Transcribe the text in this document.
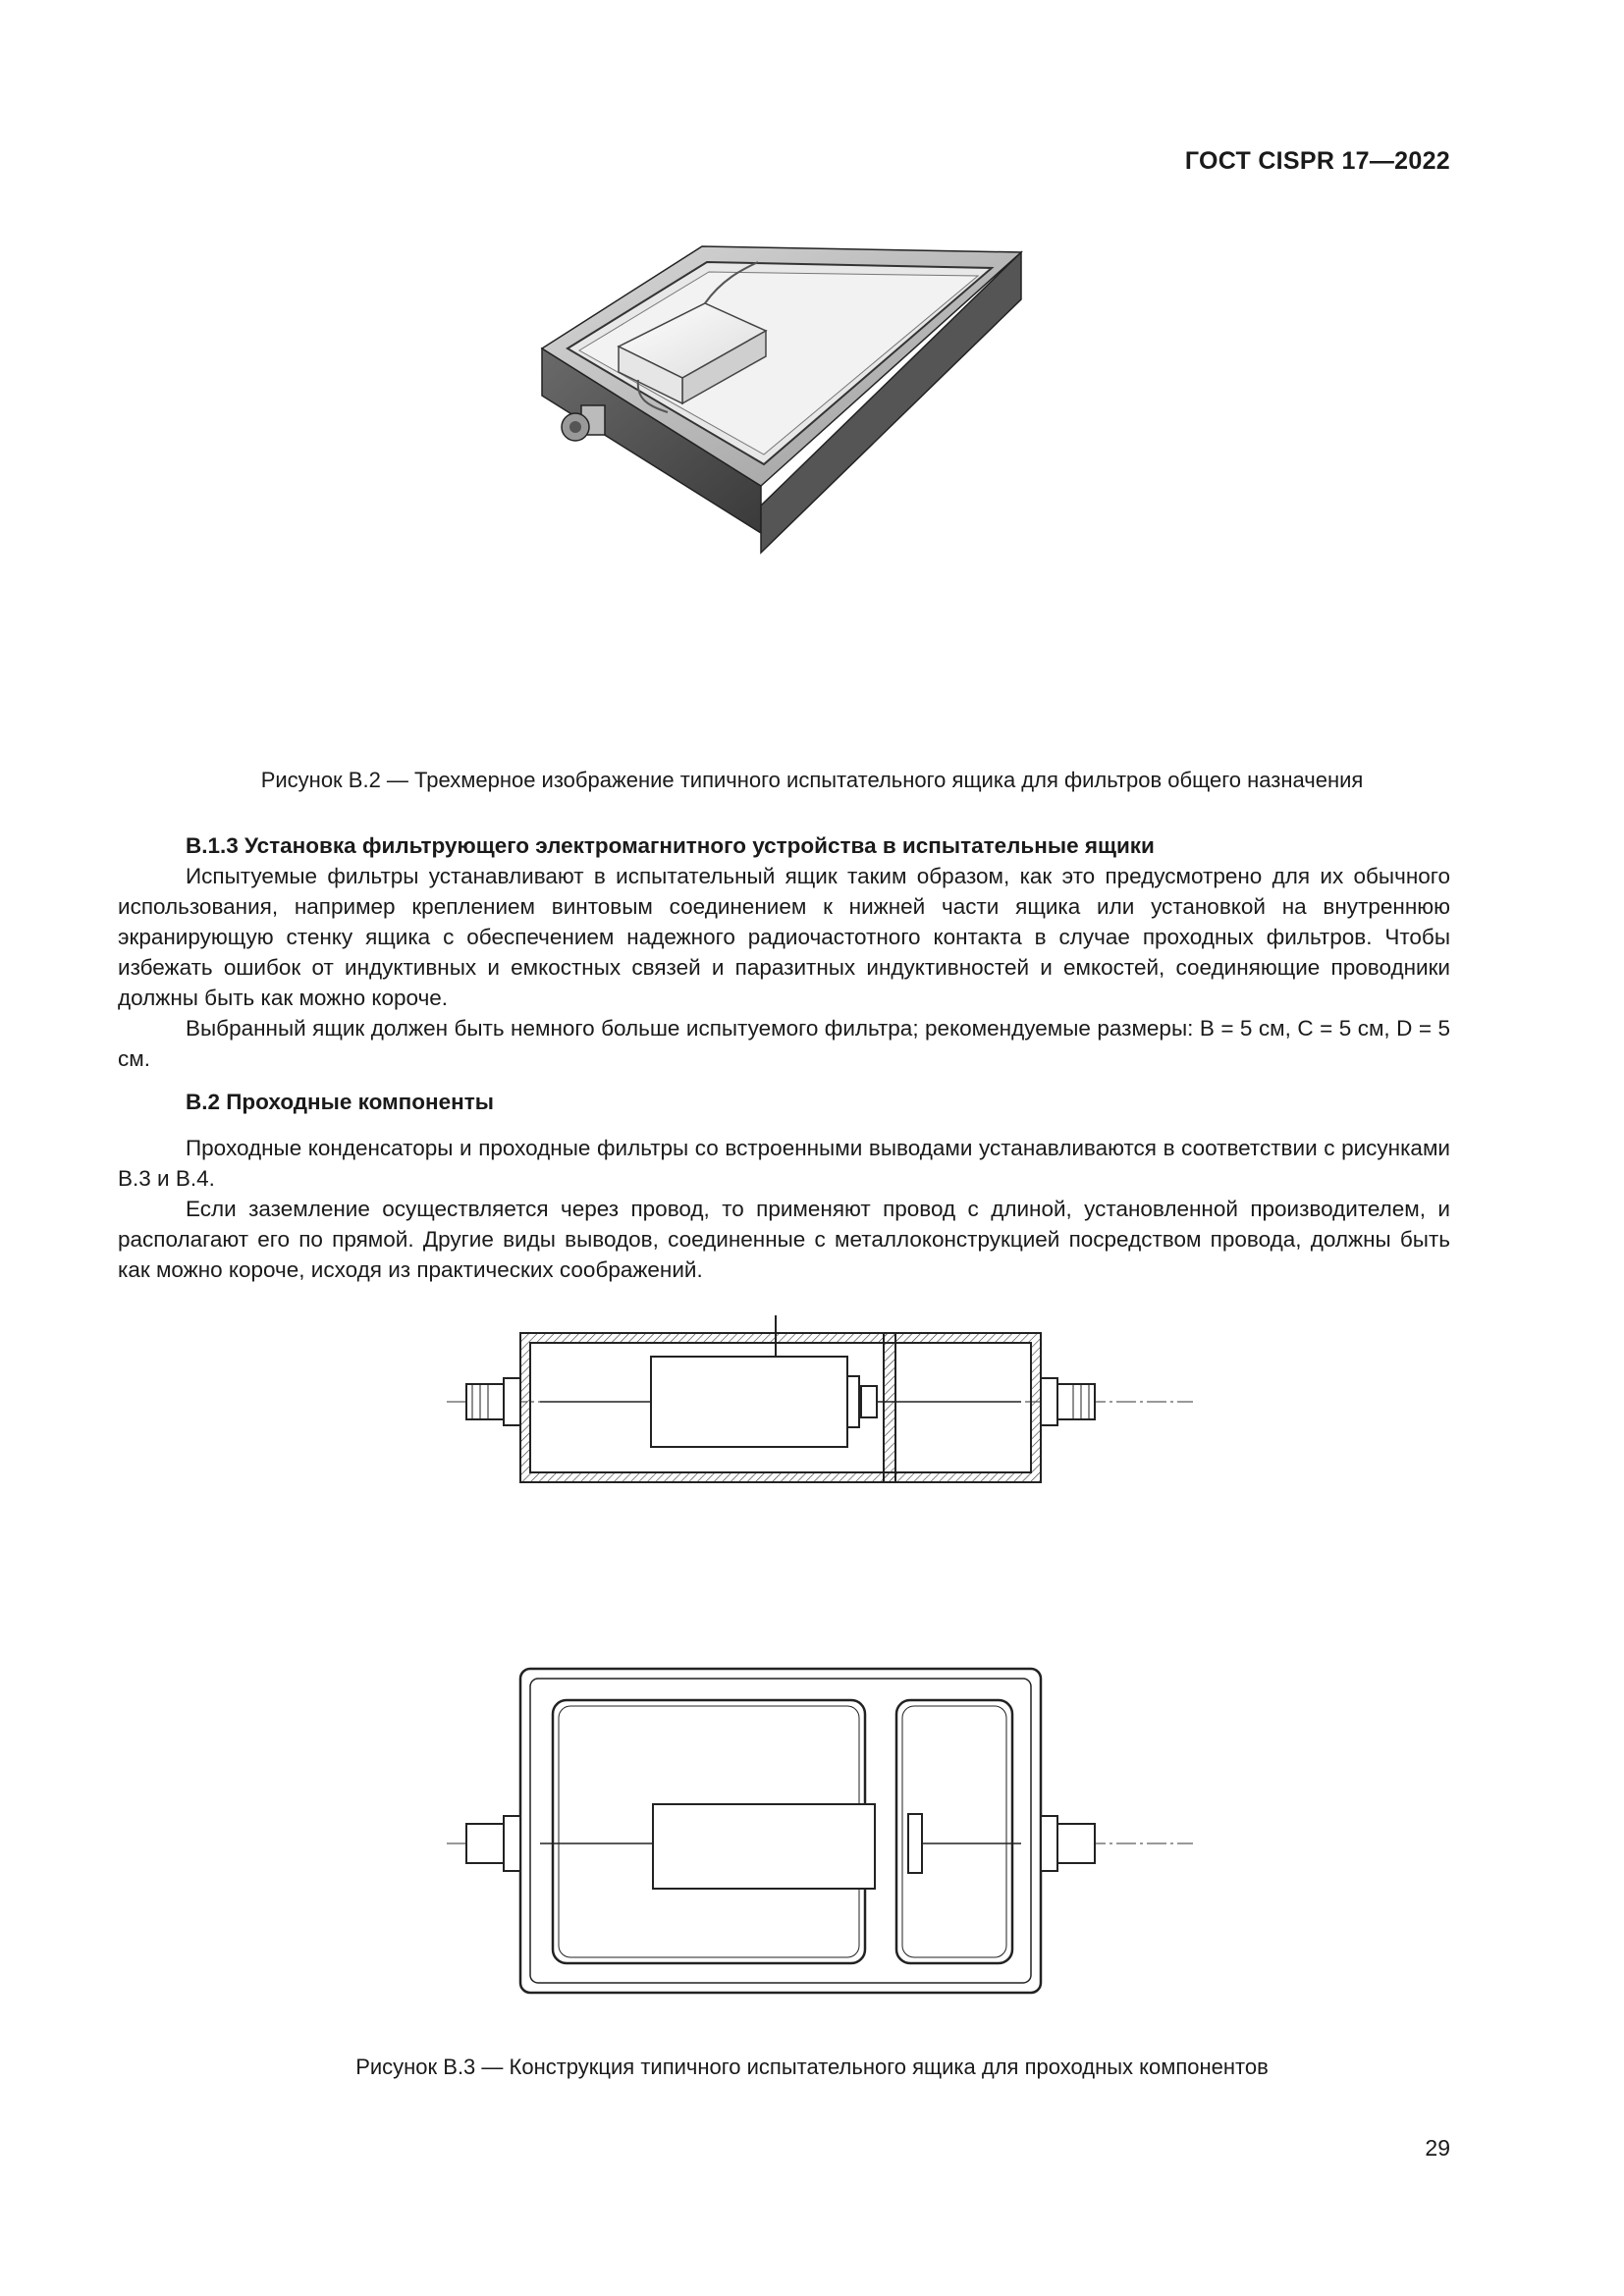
ГОСТ CISPR 17—2022
Рисунок В.2 — Трехмерное изображение типичного испытательного ящика для фильтров общего назначения

В.1.3 Установка фильтрующего электромагнитного устройства в испытательные ящики

Испытуемые фильтры устанавливают в испытательный ящик таким образом, как это предусмотрено для их обычного использования, например креплением винтовым соединением к нижней части ящика или установкой на внутреннюю экранирующую стенку ящика с обеспечением надежного радиочастотного контакта в случае проходных фильтров. Чтобы избежать ошибок от индуктивных и емкостных связей и паразитных индуктивностей и емкостей, соединяющие проводники должны быть как можно короче.

Выбранный ящик должен быть немного больше испытуемого фильтра; рекомендуемые размеры: B = 5 см, C = 5 см, D = 5 см.

В.2 Проходные компоненты

Проходные конденсаторы и проходные фильтры со встроенными выводами устанавливаются в соответствии с рисунками В.3 и В.4.

Если заземление осуществляется через провод, то применяют провод с длиной, установленной производителем, и располагают его по прямой. Другие виды выводов, соединенные с металлоконструкцией посредством провода, должны быть как можно короче, исходя из практических соображений.

Рисунок В.3 — Конструкция типичного испытательного ящика для проходных компонентов
29
